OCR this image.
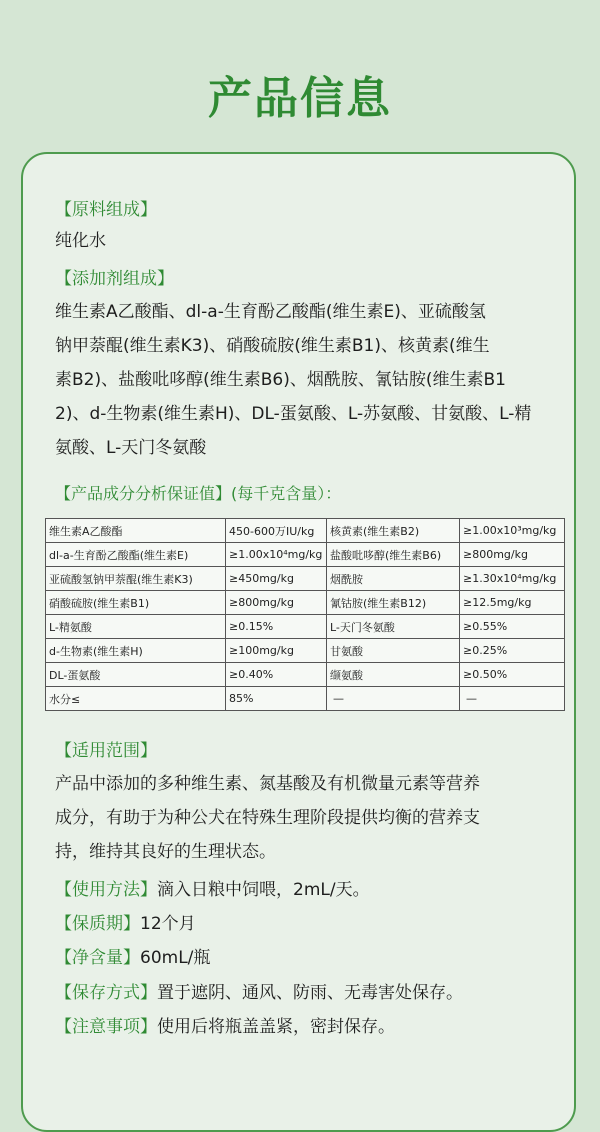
产品信息
【原料组成】
纯化水
【添加剂组成】
维生素A乙酸酯、dl-a-生育酚乙酸酯(维生素E)、亚硫酸氢
钠甲萘醌(维生素K3)、硝酸硫胺(维生素B1)、核黄素(维生
素B2)、盐酸吡哆醇(维生素B6)、烟酰胺、氰钴胺(维生素B1
2)、d-生物素(维生素H)、DL-蛋氨酸、L-苏氨酸、甘氨酸、L-精
氨酸、L-天门冬氨酸
【产品成分分析保证值】(每千克含量）：
维生素A乙酸酯	450-600万IU/kg	核黄素(维生素B2)	≥1.00x10³mg/kg
dl-a-生育酚乙酸酯(维生素E)	≥1.00x10⁴mg/kg	盐酸吡哆醇(维生素B6)	≥800mg/kg
亚硫酸氢钠甲萘醌(维生素K3)	≥450mg/kg	烟酰胺	≥1.30x10⁴mg/kg
硝酸硫胺(维生素B1)	≥800mg/kg	氰钴胺(维生素B12)	≥12.5mg/kg
L-精氨酸	≥0.15%	L-天门冬氨酸	≥0.55%
d-生物素(维生素H)	≥100mg/kg	甘氨酸	≥0.25%
DL-蛋氨酸	≥0.40%	缬氨酸	≥0.50%
水分≤	85%	—	—
【适用范围】
产品中添加的多种维生素、氮基酸及有机微量元素等营养
成分，有助于为种公犬在特殊生理阶段提供均衡的营养支
持，维持其良好的生理状态。
【使用方法】滴入日粮中饲喂，2mL/天。
【保质期】12个月
【净含量】60mL/瓶
【保存方式】置于遮阴、通风、防雨、无毒害处保存。
【注意事项】使用后将瓶盖盖紧，密封保存。
